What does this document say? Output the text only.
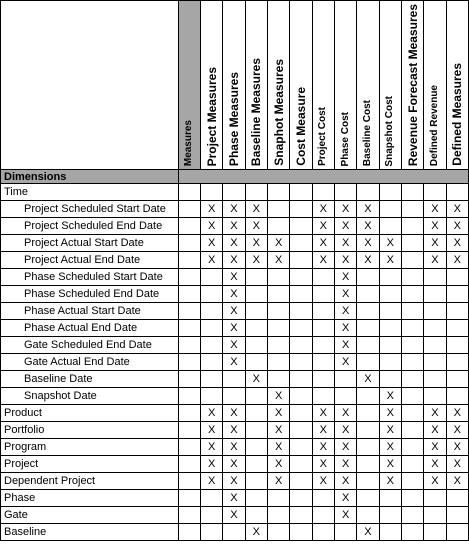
	Measures	Project Measures	Phase Measures	Baseline Measures	Snaphot Measures	Cost Measure	Project Cost	Phase Cost	Baseline Cost	Snapshot Cost	Revenue Forecast Measures	Defined Revenue	Defined Measures

Dimensions													
Time													
Project Scheduled Start Date		X	X	X			X	X	X			X	X
Project Scheduled End Date		X	X	X			X	X	X			X	X
Project Actual Start Date		X	X	X	X		X	X	X	X		X	X
Project Actual End Date		X	X	X	X		X	X	X	X		X	X
Phase Scheduled Start Date			X					X					
Phase Scheduled End Date			X					X					
Phase Actual Start Date			X					X					
Phase Actual End Date			X					X					
Gate Scheduled End Date			X					X					
Gate Actual End Date			X					X					
Baseline Date				X					X				
Snapshot Date					X					X			
Product		X	X		X		X	X		X		X	X
Portfolio		X	X		X		X	X		X		X	X
Program		X	X		X		X	X		X		X	X
Project		X	X		X		X	X		X		X	X
Dependent Project		X	X		X		X	X		X		X	X
Phase			X					X					
Gate			X					X					
Baseline				X					X				
